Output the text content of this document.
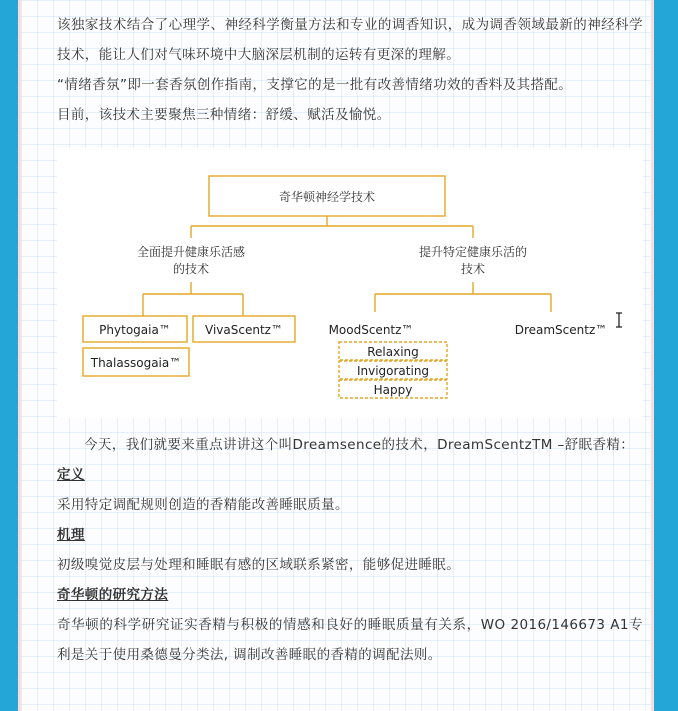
该独家技术结合了心理学、神经科学衡量方法和专业的调香知识，成为调香领域最新的神经科学技术，能让人们对气味环境中大脑深层机制的运转有更深的理解。

“情绪香氛”即一套香氛创作指南，支撑它的是一批有改善情绪功效的香料及其搭配。

目前，该技术主要聚焦三种情绪：舒缓、赋活及愉悦。

奇华顿神经学技术
全面提升健康乐活感
的技术
提升特定健康乐活的
技术
Phytogaia™	VivaScentz™
Thalassogaia™
MoodScentz™	DreamScentz™
Relaxing
Invigorating
Happy

今天，我们就要来重点讲讲这个叫Dreamsence的技术，DreamScentzTM –舒眠香精：

定义

采用特定调配规则创造的香精能改善睡眠质量。

机理

初级嗅觉皮层与处理和睡眠有感的区域联系紧密，能够促进睡眠。

奇华顿的研究方法

奇华顿的科学研究证实香精与积极的情感和良好的睡眠质量有关系，WO 2016/146673 A1专利是关于使用桑德曼分类法, 调制改善睡眠的香精的调配法则。
